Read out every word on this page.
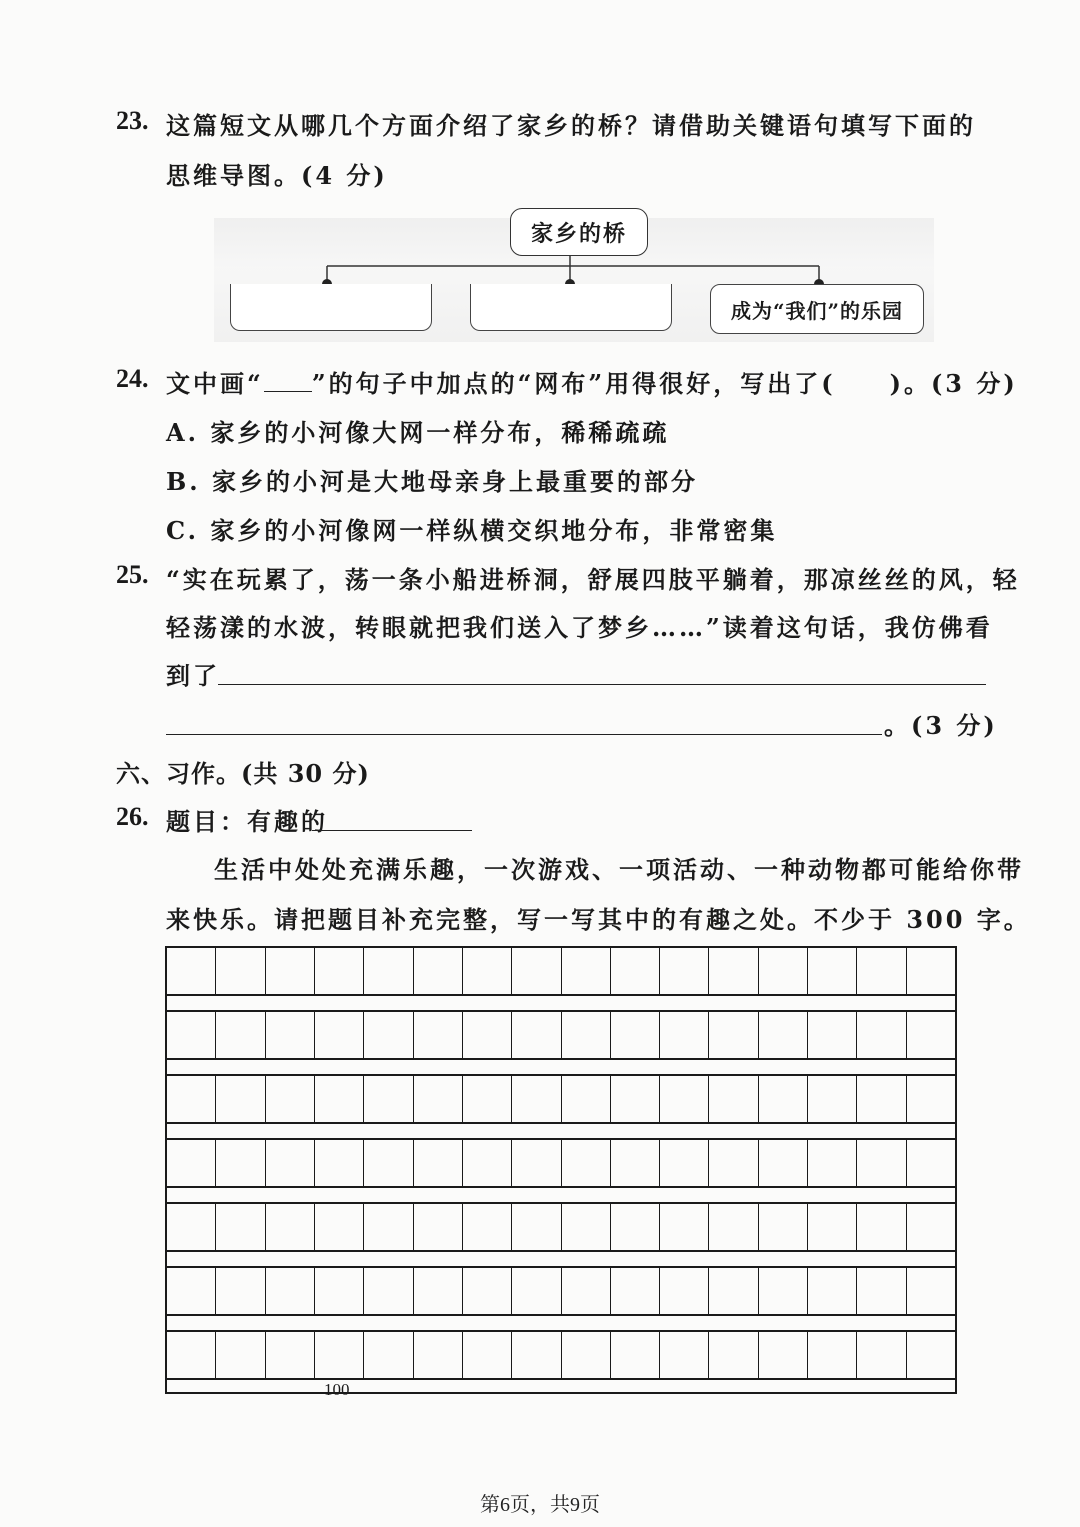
23. 这篇短文从哪几个方面介绍了家乡的桥？请借助关键语句填写下面的
思维导图。(4 分)
家乡的桥
成为“我们”的乐园
24. 文中画“ ”的句子中加点的“网布”用得很好，写出了( )。(3 分)
A. 家乡的小河像大网一样分布，稀稀疏疏
B. 家乡的小河是大地母亲身上最重要的部分
C. 家乡的小河像网一样纵横交织地分布，非常密集
25. “实在玩累了，荡一条小船进桥洞，舒展四肢平躺着，那凉丝丝的风，轻
轻荡漾的水波，转眼就把我们送入了梦乡……”读着这句话，我仿佛看
到了
。(3 分)
六、习作。(共 30 分)
26. 题目：有趣的
生活中处处充满乐趣，一次游戏、一项活动、一种动物都可能给你带
来快乐。请把题目补充完整，写一写其中的有趣之处。不少于 300 字。
100
第6页，共9页
